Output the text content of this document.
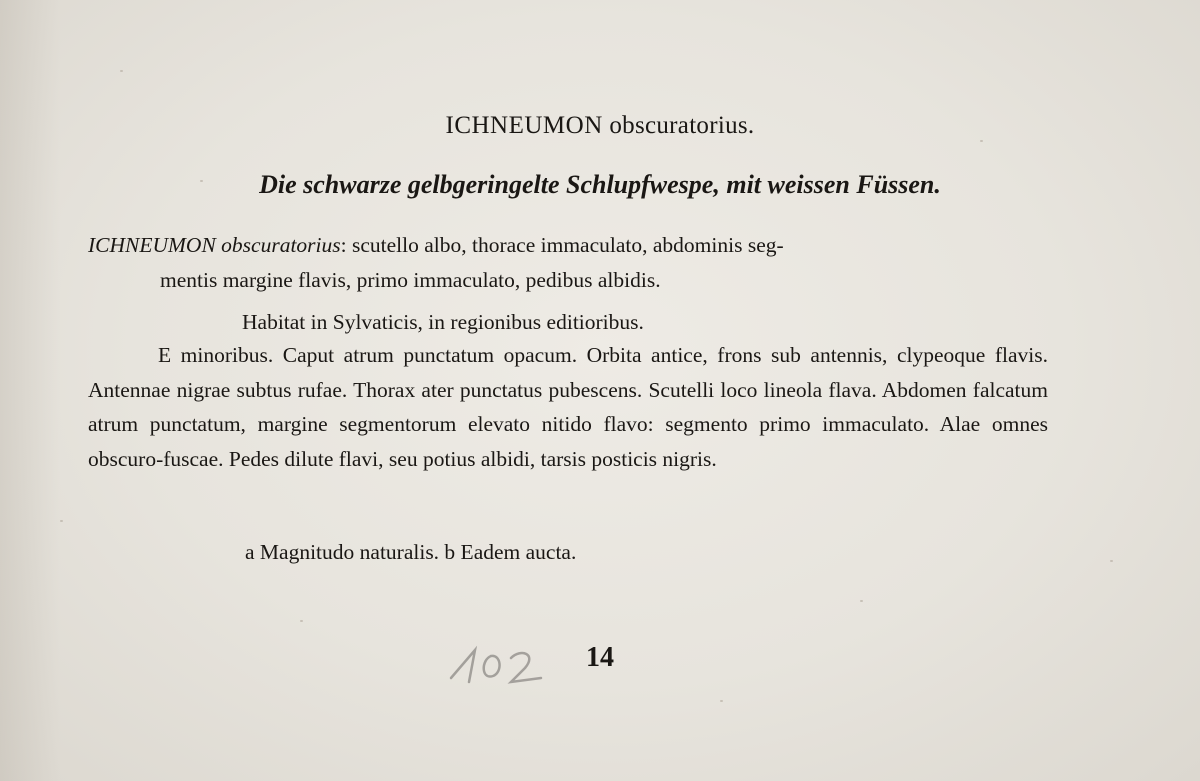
ICHNEUMON obscuratorius.
Die schwarze gelbgeringelte Schlupfwespe, mit weissen Füssen.
ICHNEUMON obscuratorius: scutello albo, thorace immaculato, abdominis seg-
mentis margine flavis, primo immaculato, pedibus albidis.
Habitat in Sylvaticis, in regionibus editioribus.

E minoribus. Caput atrum punctatum opacum. Orbita antice, frons sub antennis, clypeoque flavis. Antennae nigrae subtus rufae. Thorax ater punctatus pubescens. Scutelli loco lineola flava. Abdomen falcatum atrum punctatum, margine segmentorum elevato nitido flavo: segmento primo immaculato. Alae omnes obscuro-fuscae. Pedes dilute flavi, seu potius albidi, tarsis posticis nigris.

a Magnitudo naturalis. b Eadem aucta.
14
